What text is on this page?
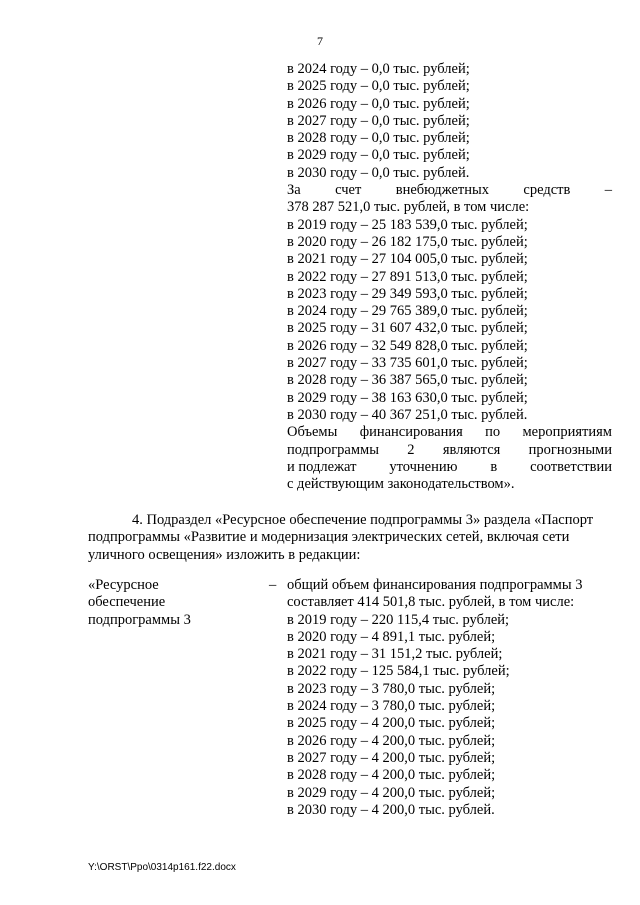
7
в 2024 году – 0,0 тыс. рублей;
в 2025 году – 0,0 тыс. рублей;
в 2026 году – 0,0 тыс. рублей;
в 2027 году – 0,0 тыс. рублей;
в 2028 году – 0,0 тыс. рублей;
в 2029 году – 0,0 тыс. рублей;
в 2030 году – 0,0 тыс. рублей.
За счет внебюджетных средств –
378 287 521,0 тыс. рублей, в том числе:
в 2019 году – 25 183 539,0 тыс. рублей;
в 2020 году – 26 182 175,0 тыс. рублей;
в 2021 году – 27 104 005,0 тыс. рублей;
в 2022 году – 27 891 513,0 тыс. рублей;
в 2023 году – 29 349 593,0 тыс. рублей;
в 2024 году – 29 765 389,0 тыс. рублей;
в 2025 году – 31 607 432,0 тыс. рублей;
в 2026 году – 32 549 828,0 тыс. рублей;
в 2027 году – 33 735 601,0 тыс. рублей;
в 2028 году – 36 387 565,0 тыс. рублей;
в 2029 году – 38 163 630,0 тыс. рублей;
в 2030 году – 40 367 251,0 тыс. рублей.
Объемы финансирования по мероприятиям
подпрограммы 2 являются прогнозными
и подлежат уточнению в соответствии
с действующим законодательством».
4. Подраздел «Ресурсное обеспечение подпрограммы 3» раздела «Паспорт
подпрограммы «Развитие и модернизация электрических сетей, включая сети
уличного освещения» изложить в редакции:
«Ресурсное
обеспечение
подпрограммы 3
– общий объем финансирования подпрограммы 3
составляет 414 501,8 тыс. рублей, в том числе:
в 2019 году – 220 115,4 тыс. рублей;
в 2020 году – 4 891,1 тыс. рублей;
в 2021 году – 31 151,2 тыс. рублей;
в 2022 году – 125 584,1 тыс. рублей;
в 2023 году – 3 780,0 тыс. рублей;
в 2024 году – 3 780,0 тыс. рублей;
в 2025 году – 4 200,0 тыс. рублей;
в 2026 году – 4 200,0 тыс. рублей;
в 2027 году – 4 200,0 тыс. рублей;
в 2028 году – 4 200,0 тыс. рублей;
в 2029 году – 4 200,0 тыс. рублей;
в 2030 году – 4 200,0 тыс. рублей.
Y:\ORST\Ppo\0314p161.f22.docx
